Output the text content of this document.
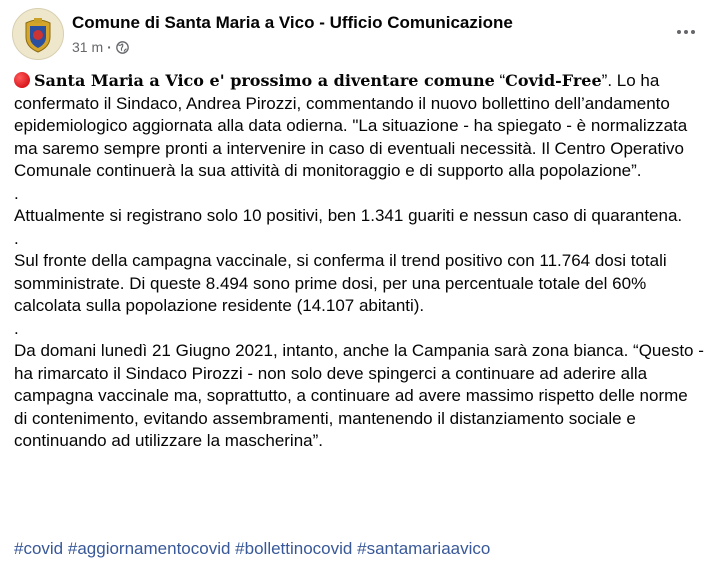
Comune di Santa Maria a Vico - Ufficio Comunicazione
31 m ·

Santa Maria a Vico e' prossimo a diventare comune “Covid-Free”. Lo ha confermato il Sindaco, Andrea Pirozzi, commentando il nuovo bollettino dell’andamento epidemiologico aggiornata alla data odierna. "La situazione - ha spiegato - è normalizzata ma saremo sempre pronti a intervenire in caso di eventuali necessità. Il Centro Operativo Comunale continuerà la sua attività di monitoraggio e di supporto alla popolazione”.

.

Attualmente si registrano solo 10 positivi, ben 1.341 guariti e nessun caso di quarantena.

.

Sul fronte della campagna vaccinale, si conferma il trend positivo con 11.764 dosi totali somministrate. Di queste 8.494 sono prime dosi, per una percentuale totale del 60% calcolata sulla popolazione residente (14.107 abitanti).

.

Da domani lunedì 21 Giugno 2021, intanto, anche la Campania sarà zona bianca. “Questo - ha rimarcato il Sindaco Pirozzi - non solo deve spingerci a continuare ad aderire alla campagna vaccinale ma, soprattutto, a continuare ad avere massimo rispetto delle norme di contenimento, evitando assembramenti, mantenendo il distanziamento sociale e continuando ad utilizzare la mascherina”.

#covid #aggiornamentocovid #bollettinocovid #santamariaavico
